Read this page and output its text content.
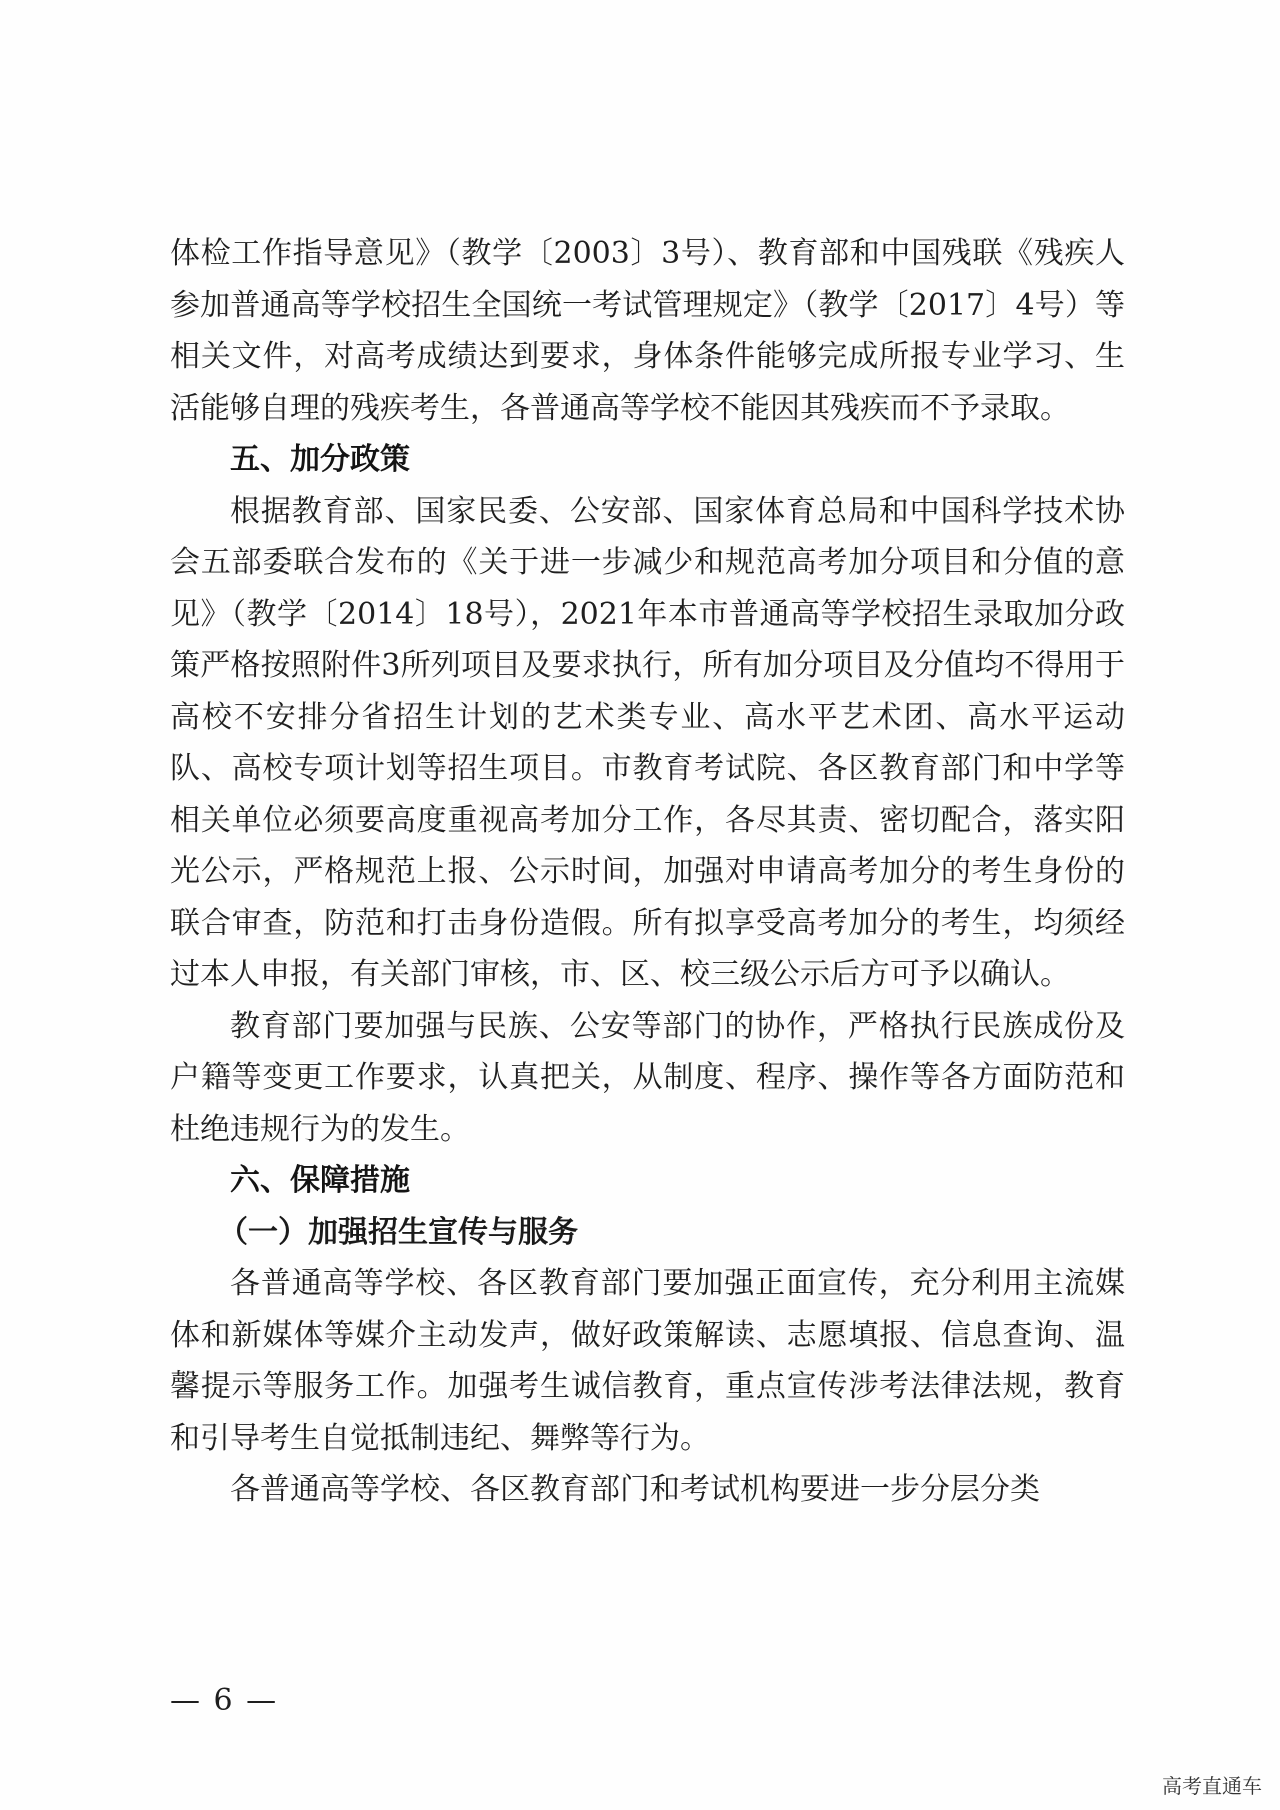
体检工作指导意见》（教学〔2003〕3号）、教育部和中国残联《残疾人参加普通高等学校招生全国统一考试管理规定》（教学〔2017〕4号）等相关文件，对高考成绩达到要求，身体条件能够完成所报专业学习、生活能够自理的残疾考生，各普通高等学校不能因其残疾而不予录取。

五、加分政策

根据教育部、国家民委、公安部、国家体育总局和中国科学技术协会五部委联合发布的《关于进一步减少和规范高考加分项目和分值的意见》（教学〔2014〕18号），2021年本市普通高等学校招生录取加分政策严格按照附件3所列项目及要求执行，所有加分项目及分值均不得用于高校不安排分省招生计划的艺术类专业、高水平艺术团、高水平运动队、高校专项计划等招生项目。市教育考试院、各区教育部门和中学等相关单位必须要高度重视高考加分工作，各尽其责、密切配合，落实阳光公示，严格规范上报、公示时间，加强对申请高考加分的考生身份的联合审查，防范和打击身份造假。所有拟享受高考加分的考生，均须经过本人申报，有关部门审核，市、区、校三级公示后方可予以确认。

教育部门要加强与民族、公安等部门的协作，严格执行民族成份及户籍等变更工作要求，认真把关，从制度、程序、操作等各方面防范和杜绝违规行为的发生。

六、保障措施

（一）加强招生宣传与服务

各普通高等学校、各区教育部门要加强正面宣传，充分利用主流媒体和新媒体等媒介主动发声，做好政策解读、志愿填报、信息查询、温馨提示等服务工作。加强考生诚信教育，重点宣传涉考法律法规，教育和引导考生自觉抵制违纪、舞弊等行为。

各普通高等学校、各区教育部门和考试机构要进一步分层分类

— 6 —
高考直通车
